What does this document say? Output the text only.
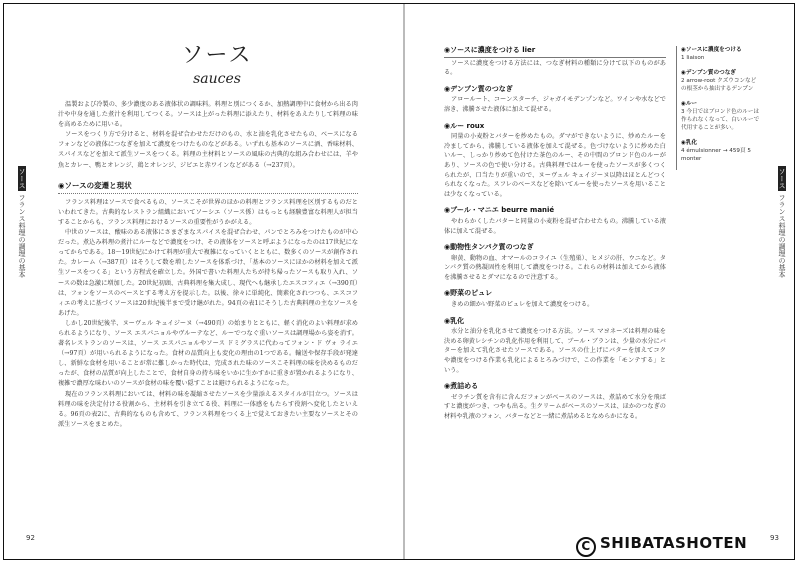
ソースフランス料理の調理の基本
ソースフランス料理の調理の基本
ソース
sauces

温製および冷製の、多少濃度のある液体状の調味料。料理と別につくるか、加熱調理中に食材から出る肉汁や中身を通した煮汁を利用してつくる。ソースは上がった料理に添えたり、材料をあえたりして料理の味を高めるために用いる。

ソースをつくり方で分けると、材料を混ぜ合わせただけのもの、水と油を乳化させたもの、ベースになるフォンなどの液体につなぎを加えて濃度をつけたものなどがある。いずれも基本のソースに酒、香味材料、スパイスなどを加えて派生ソースをつくる。料理の主材料とソースの風味の古典的な組み合わせには、羊や魚とカレー、鴨とオレンジ、鶏とオレンジ、ジビエと赤ワインなどがある（→237頁）。

◉ソースの変遷と現状

フランス料理はソースで食べるもの、ソースこそが世界のほかの料理とフランス料理を区別するものだといわれてきた。古典的なレストラン組織においてソーシエ（ソース係）はもっとも経験豊富な料理人が担当することからも、フランス料理におけるソースの重要性がうかがえる。

中世のソースは、酸味のある液体にさまざまなスパイスを混ぜ合わせ、パンでとろみをつけたものが中心だった。煮込み料理の煮汁にルーなどで濃度をつけ、その液体をソースと呼ぶようになったのは17世紀になってからである。18〜19世紀にかけて料理が重大で複雑になっていくとともに、数多くのソースが創作された。カレーム（→387頁）はそうして数を増したソースを体系づけ、「基本のソースにほかの材料を加えて派生ソースをつくる」という方程式を確立した。外国で書いた料理人たちが持ち帰ったソースも取り入れ、ソースの数は急激に増加した。20世紀初頭、古典料理を集大成し、現代へも継承したエスコフィエ（→390頁）は、フォンをソースのベースとする考え方を提示した。以後、徐々に単純化、簡素化されつつも、エスコフィエの考えに基づくソースは20世紀後半まで受け継がれた。94頁の表1にそうした古典料理の主なソースをあげた。

しかし20世紀後半、ヌーヴェル キュイジーヌ（→490頁）の始まりとともに、軽く消化のよい料理が求められるようになり、ソース エスパニョルやヴルーテなど、ルーでつなぐ重いソースは調理場から姿を消す。著名レストランのソースは、ソース エスパニョルやソース ドミグラスに代わってフォン・ド ヴォ ライエ（→97頁）が用いられるようになった。食材の品質向上も変化の理由の1つである。輸送や保存手段が発達し、新鮮な食材を用いることが常に難しかった時代は、完成された味のソースこそ料理の味を決めるものだったが、食材の品質が向上したことで、食材自身の持ち味をいかに生かすかに重きが置かれるようになり、複雑で濃厚な味わいのソースが食材の味を覆い隠すことは避けられるようになった。

現在のフランス料理においては、材料の味を凝縮させたソースを少量添えるスタイルが目立つ。ソースは料理の味を決定付ける役割から、主材料を引き立てる役、料理に一体感をもたらす役割へ変化したといえる。96頁の表2に、古典的なものも含めて、フランス料理をつくる上で覚えておきたい主要なソースとその派生ソースをまとめた。

◉ソースに濃度をつける lier

ソースに濃度をつける方法には、つなぎ材料の種類に分けて以下のものがある。

◉デンプン質のつなぎ

アロールート、コーンスターチ、ジャガイモデンプンなど。ワインや水などで溶き、沸騰させた液体に加えて混ぜる。

◉ルー roux

同量の小麦粉とバターを炒めたもの。ダマができないように、炒めたルーを冷ましてから、沸騰している液体を加えて混ぜる。色づけないように炒めた白いルー、しっかり炒めて色付けた茶色のルー、その中間のブロンド色のルーがあり、ソースの色で使い分ける。古典料理ではルーを使ったソースが多くつくられたが、口当たりが重いので、ヌーヴェル キュイジーヌ以降はほとんどつくられなくなった。スフレのベースなどを除いてルーを使ったソースを用いることは少なくなっている。

◉ブール・マニエ beurre manié

やわらかくしたバターと同量の小麦粉を混ぜ合わせたもの。沸騰している液体に加えて混ぜる。

◉動物性タンパク質のつなぎ

卵黄、動物の血、オマールのコライユ（生殖巣）、ヒメジの肝、ウニなど。タンパク質の熱凝固性を利用して濃度をつける。これらの材料は加えてから液体を沸騰させるとダマになるので注意する。

◉野菜のピュレ

きめの細かい野菜のピュレを加えて濃度をつける。

◉乳化

水分と油分を乳化させて濃度をつける方法。ソース マヨネーズは料理の味を決める卵黄レシチンの乳化作用を利用して、ブール・ブランは、少量の水分にバターを加えて乳化させたソースである。ソースの仕上げにバターを加えてコクや濃度をつける作業も乳化によるとろみづけで、この作業を「モンテする」という。

◉煮詰める

ゼラチン質を含有に含んだフォンがベースのソースは、煮詰めて水分を飛ばすと濃度がつき、つやも出る。生クリームがベースのソースは、ほかのつなぎの材料や乳液のフォン、バターなどと一緒に煮詰めるとなめらかになる。

◉ソースに濃度をつける
1 liaison
◉デンプン質のつなぎ
2 arrow-root クズウコンなどの根茎から抽出するデンプン
◉ルー
3 今日ではブロンド色のルーは作られなくなって、白いルーで代用することが多い。
◉乳化
4 émulsionner → 459頁 5 monter
92	93
C SHIBATASHOTEN
